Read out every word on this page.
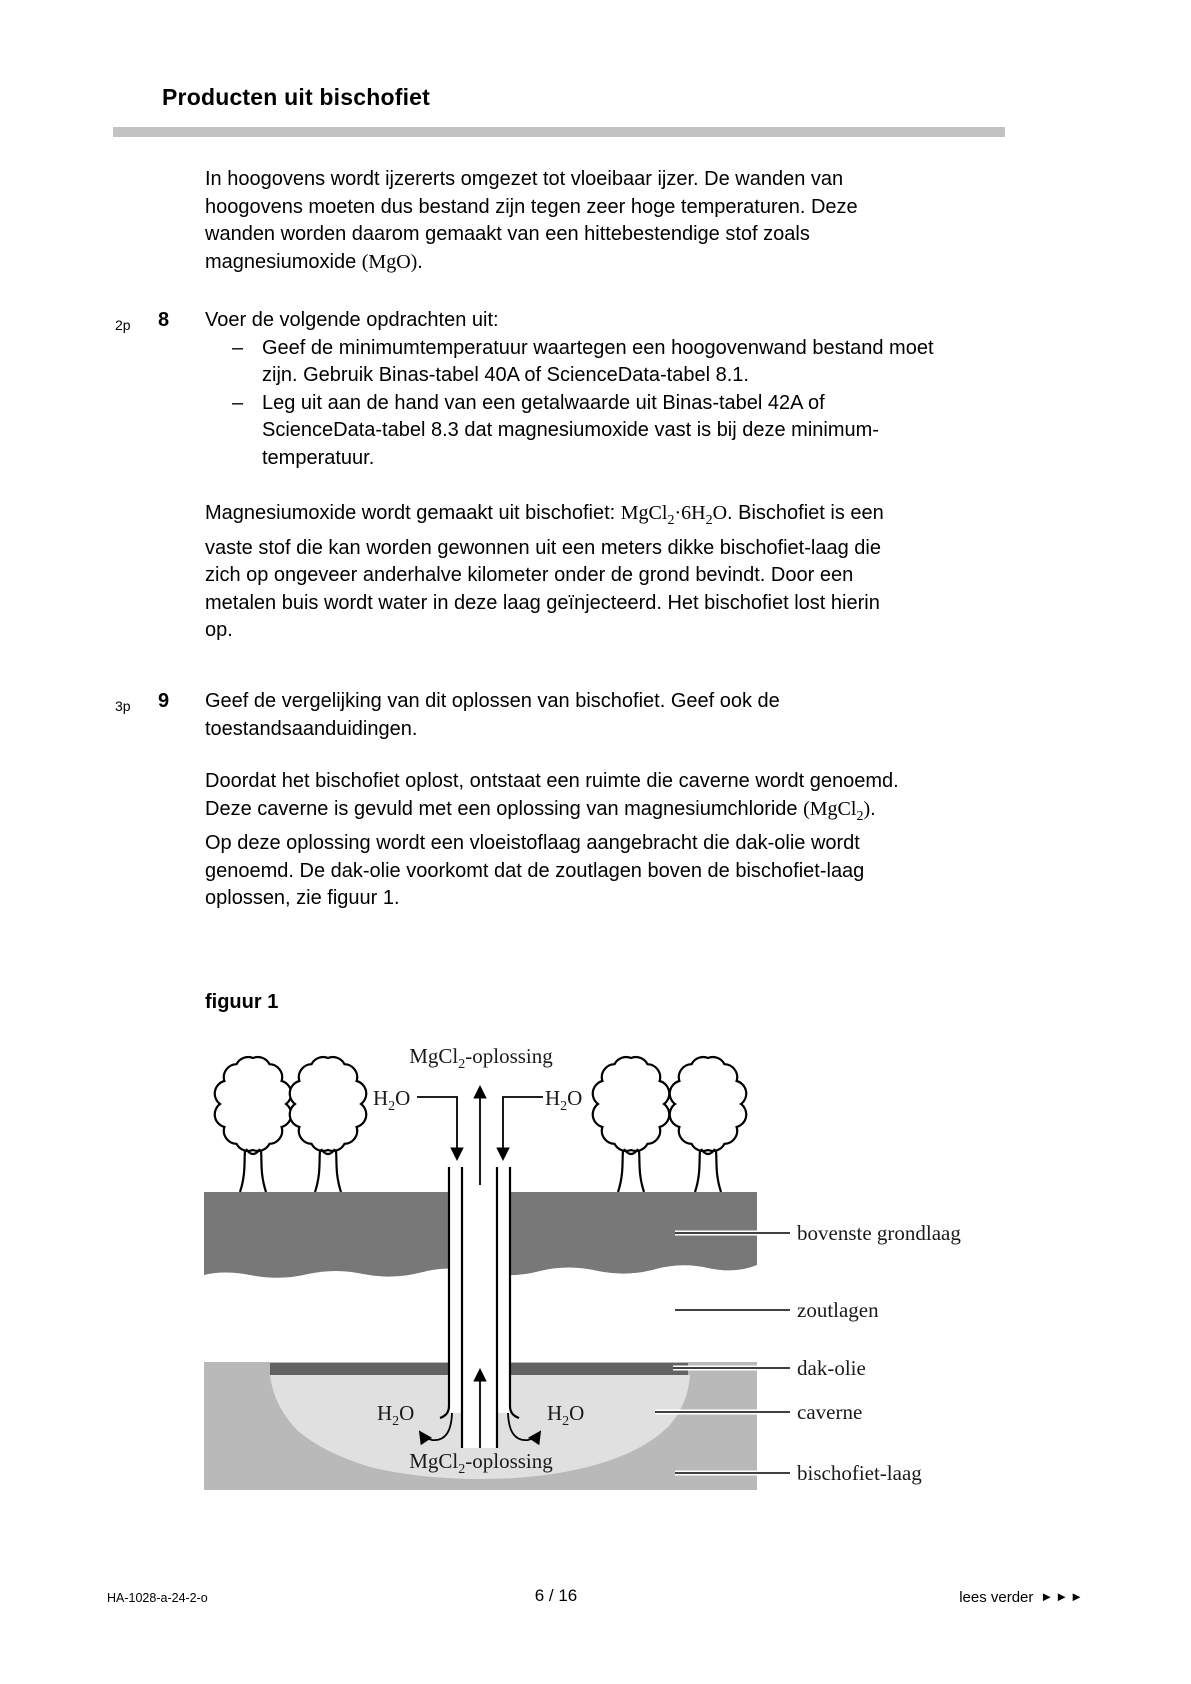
Producten uit bischofiet
In hoogovens wordt ijzererts omgezet tot vloeibaar ijzer. De wanden van
hoogovens moeten dus bestand zijn tegen zeer hoge temperaturen. Deze
wanden worden daarom gemaakt van een hittebestendige stof zoals
magnesiumoxide (MgO).
2p 8 Voer de volgende opdrachten uit:
– Geef de minimumtemperatuur waartegen een hoogovenwand bestand moet
zijn. Gebruik Binas-tabel 40A of ScienceData-tabel 8.1.
– Leg uit aan de hand van een getalwaarde uit Binas-tabel 42A of
ScienceData-tabel 8.3 dat magnesiumoxide vast is bij deze minimum-
temperatuur.
Magnesiumoxide wordt gemaakt uit bischofiet: $MgCl_2\cdot 6H_2O$. Bischofiet is een
vaste stof die kan worden gewonnen uit een meters dikke bischofiet-laag die
zich op ongeveer anderhalve kilometer onder de grond bevindt. Door een
metalen buis wordt water in deze laag geïnjecteerd. Het bischofiet lost hierin
op.
3p 9 Geef de vergelijking van dit oplossen van bischofiet. Geef ook de
toestandsaanduidingen.
Doordat het bischofiet oplost, ontstaat een ruimte die caverne wordt genoemd.
Deze caverne is gevuld met een oplossing van magnesiumchloride (MgCl$_2$).
Op deze oplossing wordt een vloeistoflaag aangebracht die dak-olie wordt
genoemd. De dak-olie voorkomt dat de zoutlagen boven de bischofiet-laag
oplossen, zie figuur 1.
figuur 1
bovenste grondlaag
zoutlagen
dak-olie
caverne
bischofiet-laag
MgCl$_2$-oplossing
$H_2O$	$H_2O$
$H_2O$	$H_2O$
MgCl$_2$-oplossing
HA-1028-a-24-2-o	6 / 16	lees verder ►►►
